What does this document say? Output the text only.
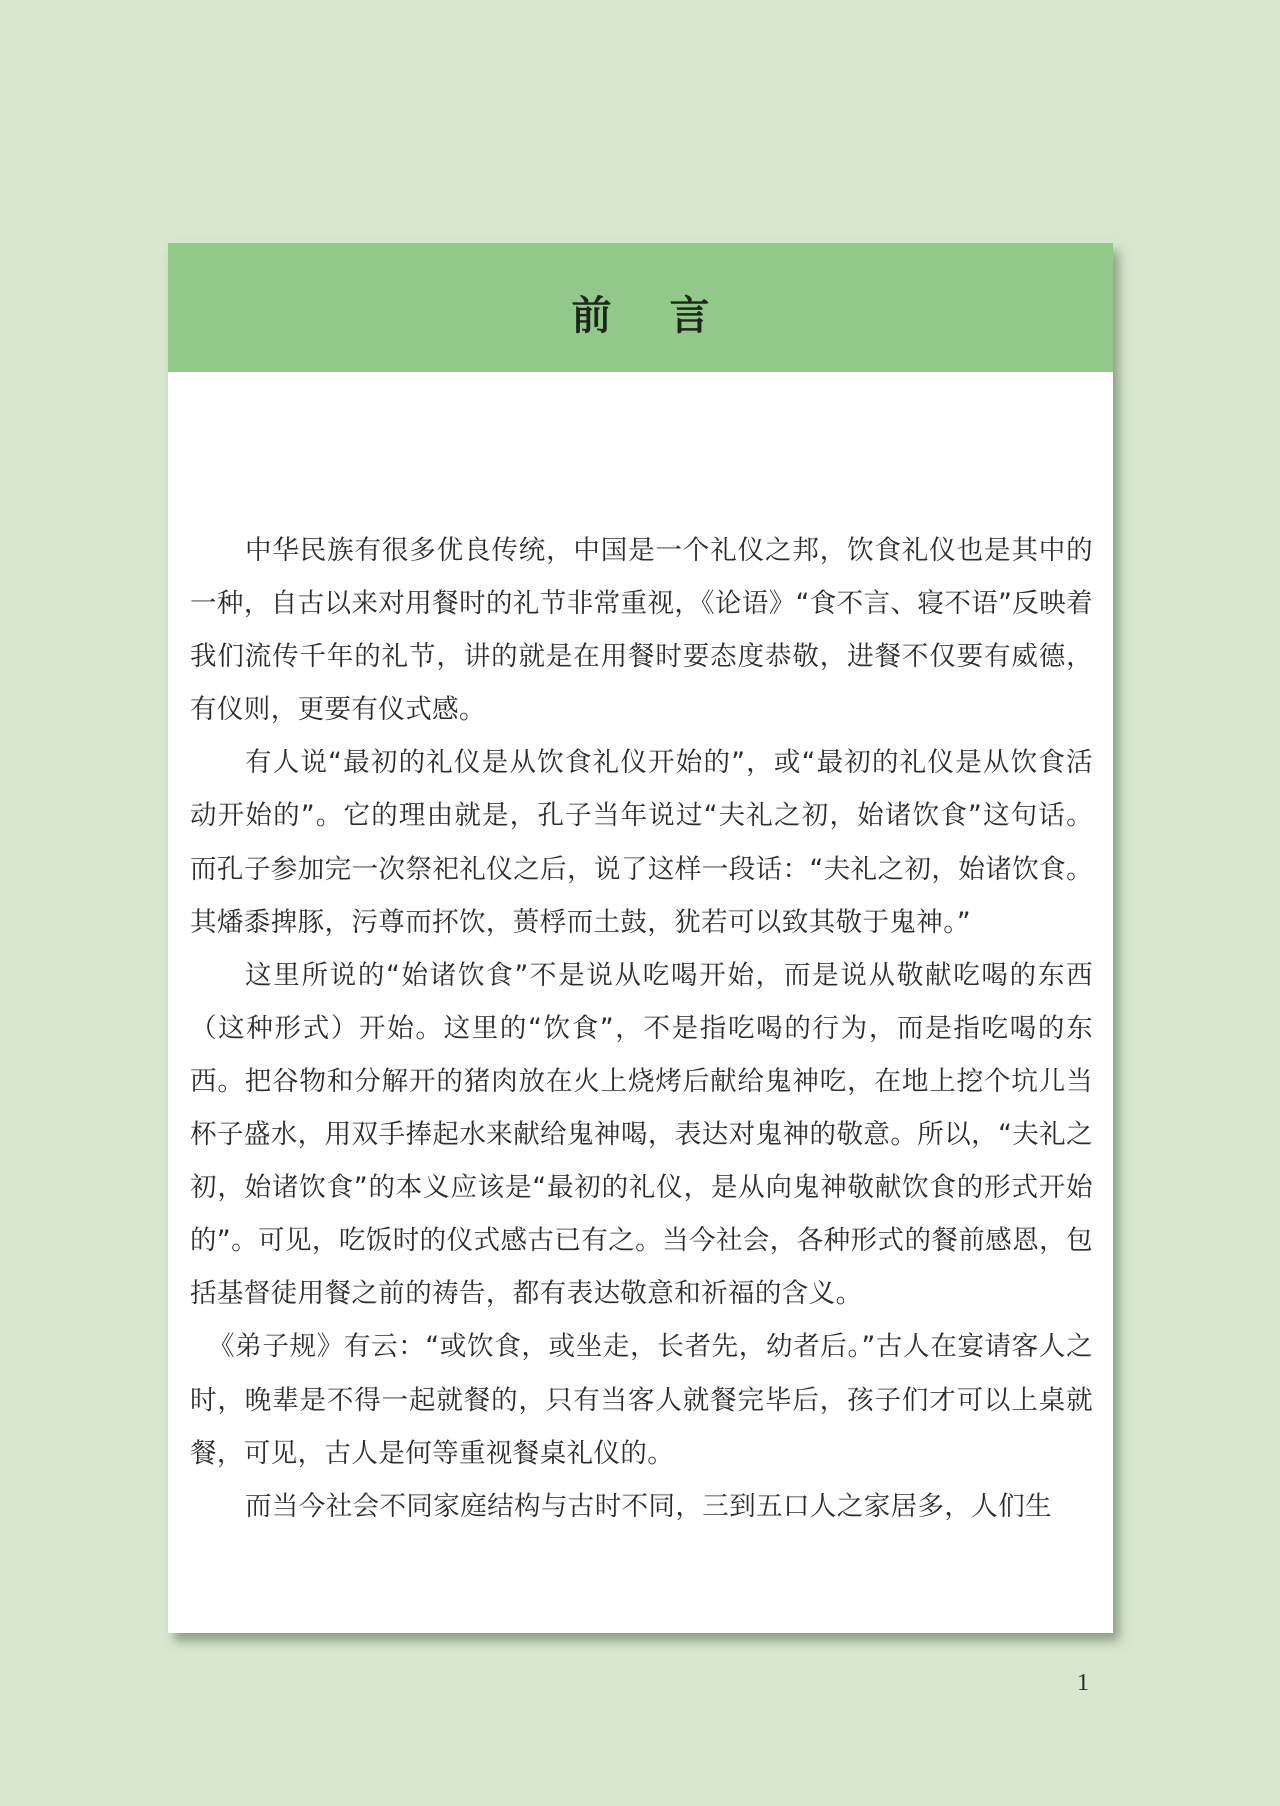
前 言

中华民族有很多优良传统，中国是一个礼仪之邦，饮食礼仪也是其中的一种，自古以来对用餐时的礼节非常重视，《论语》“食不言、寝不语”反映着我们流传千年的礼节，讲的就是在用餐时要态度恭敬，进餐不仅要有威德，有仪则，更要有仪式感。

有人说“最初的礼仪是从饮食礼仪开始的”，或“最初的礼仪是从饮食活动开始的”。它的理由就是，孔子当年说过“夫礼之初，始诸饮食”这句话。而孔子参加完一次祭祀礼仪之后，说了这样一段话：“夫礼之初，始诸饮食。其燔黍捭豚，污尊而抔饮，蒉桴而土鼓，犹若可以致其敬于鬼神。”

这里所说的“始诸饮食”不是说从吃喝开始，而是说从敬献吃喝的东西（这种形式）开始。这里的“饮食”，不是指吃喝的行为，而是指吃喝的东西。把谷物和分解开的猪肉放在火上烧烤后献给鬼神吃，在地上挖个坑儿当杯子盛水，用双手捧起水来献给鬼神喝，表达对鬼神的敬意。所以，“夫礼之初，始诸饮食”的本义应该是“最初的礼仪，是从向鬼神敬献饮食的形式开始的”。可见，吃饭时的仪式感古已有之。当今社会，各种形式的餐前感恩，包括基督徒用餐之前的祷告，都有表达敬意和祈福的含义。

《弟子规》有云：“或饮食，或坐走，长者先，幼者后。”古人在宴请客人之时，晚辈是不得一起就餐的，只有当客人就餐完毕后，孩子们才可以上桌就餐，可见，古人是何等重视餐桌礼仪的。

而当今社会不同家庭结构与古时不同，三到五口人之家居多，人们生

1
